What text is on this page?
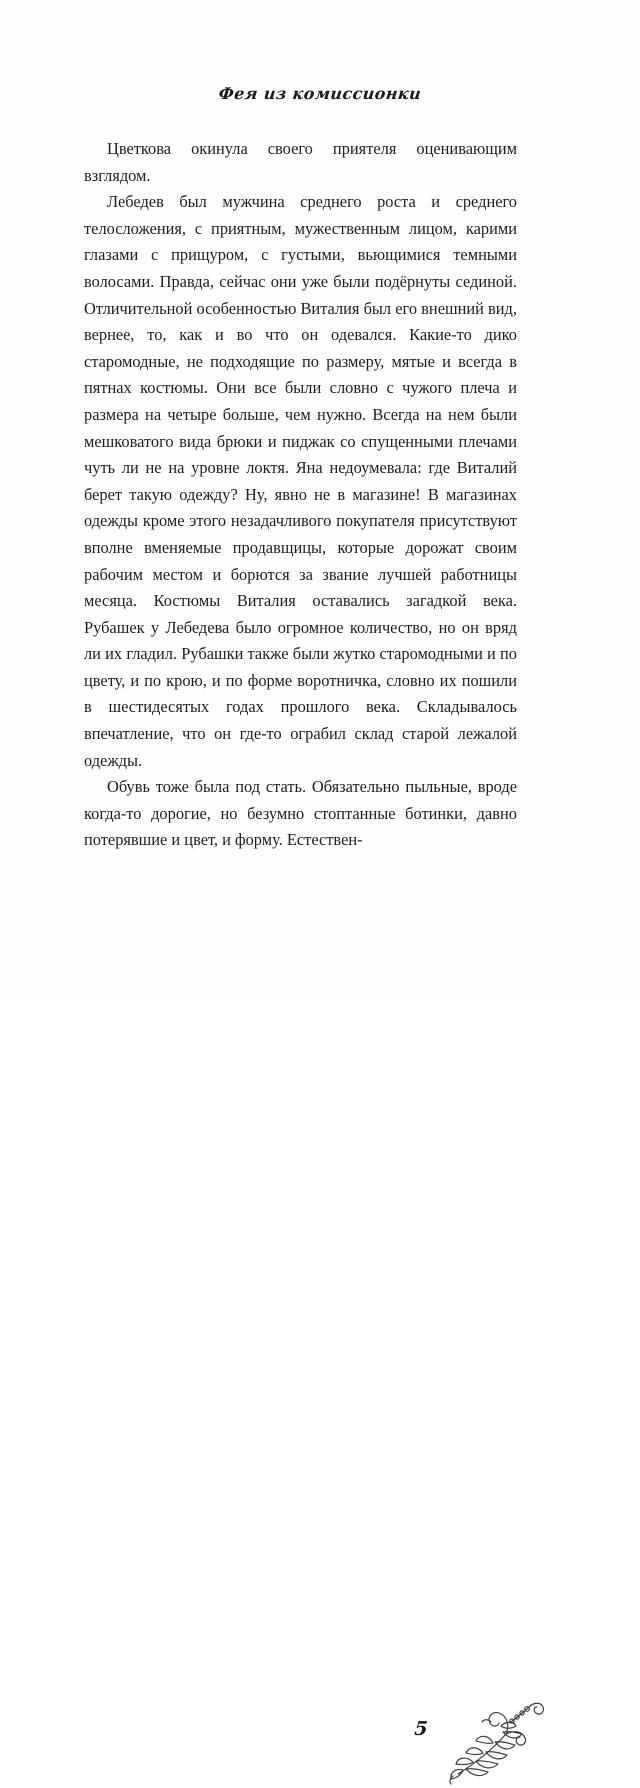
Фея из комиссионки

Цветкова окинула своего приятеля оценивающим взглядом.

Лебедев был мужчина среднего роста и среднего телосложения, с приятным, мужественным лицом, карими глазами с прищуром, с густыми, вьющимися темными волосами. Правда, сейчас они уже были подёрнуты сединой. Отличительной особенностью Виталия был его внешний вид, вернее, то, как и во что он одевался. Какие-то дико старомодные, не подходящие по размеру, мятые и всегда в пятнах костюмы. Они все были словно с чужого плеча и размера на четыре больше, чем нужно. Всегда на нем были мешковатого вида брюки и пиджак со спущенными плечами чуть ли не на уровне локтя. Яна недоумевала: где Виталий берет такую одежду? Ну, явно не в магазине! В магазинах одежды кроме этого незадачливого покупателя присутствуют вполне вменяемые продавщицы, которые дорожат своим рабочим местом и борются за звание лучшей работницы месяца. Костюмы Виталия оставались загадкой века. Рубашек у Лебедева было огромное количество, но он вряд ли их гладил. Рубашки также были жутко старомодными и по цвету, и по крою, и по форме воротничка, словно их пошили в шестидесятых годах прошлого века. Складывалось впечатление, что он где-то ограбил склад старой лежалой одежды.

Обувь тоже была под стать. Обязательно пыльные, вроде когда-то дорогие, но безумно стоптанные ботинки, давно потерявшие и цвет, и форму. Естествен-

5
